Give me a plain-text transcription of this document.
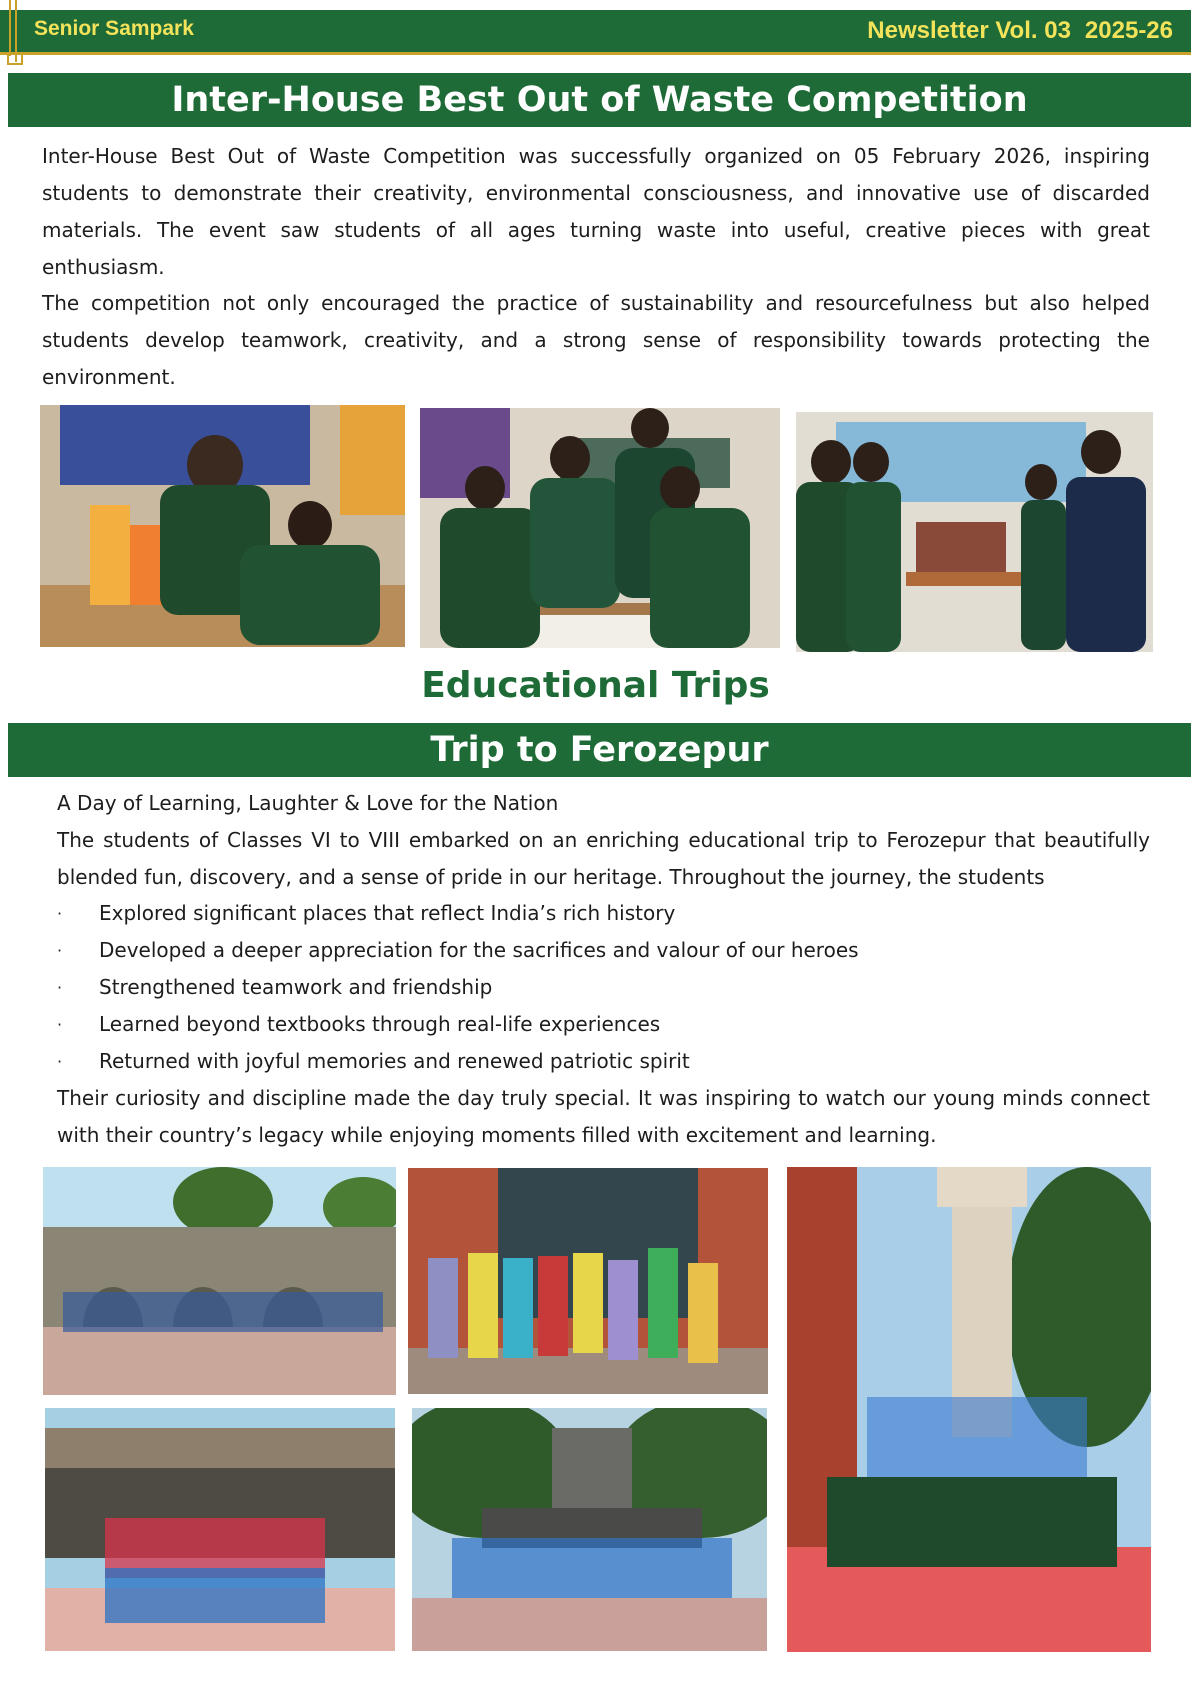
Senior Sampark	Newsletter Vol. 03 2025-26
Inter-House Best Out of Waste Competition

Inter-House Best Out of Waste Competition was successfully organized on 05 February 2026, inspiring students to demonstrate their creativity, environmental consciousness, and innovative use of discarded materials. The event saw students of all ages turning waste into useful, creative pieces with great enthusiasm.

The competition not only encouraged the practice of sustainability and resourcefulness but also helped students develop teamwork, creativity, and a strong sense of responsibility towards protecting the environment.

Educational Trips
Trip to Ferozepur

A Day of Learning, Laughter & Love for the Nation

The students of Classes VI to VIII embarked on an enriching educational trip to Ferozepur that beautifully blended fun, discovery, and a sense of pride in our heritage. Throughout the journey, the students

· Explored significant places that reflect India’s rich history
· Developed a deeper appreciation for the sacrifices and valour of our heroes
· Strengthened teamwork and friendship
· Learned beyond textbooks through real-life experiences
· Returned with joyful memories and renewed patriotic spirit

Their curiosity and discipline made the day truly special. It was inspiring to watch our young minds connect with their country’s legacy while enjoying moments filled with excitement and learning.
